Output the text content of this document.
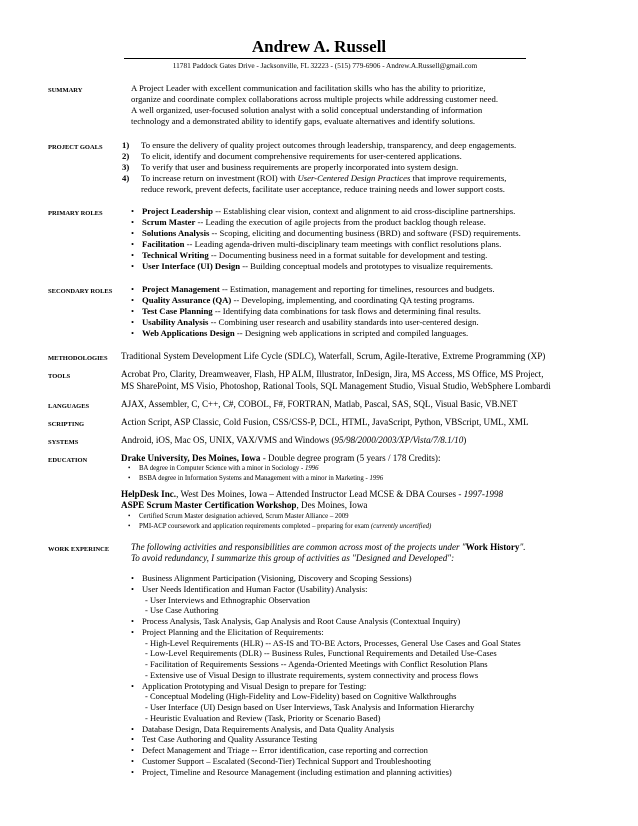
Andrew A. Russell
11781 Paddock Gates Drive - Jacksonville, FL 32223 - (515) 779-6906 - Andrew.A.Russell@gmail.com
SUMMARY
PROJECT GOALS
PRIMARY ROLES
SECONDARY ROLES
METHODOLOGIES
TOOLS
LANGUAGES
SCRIPTING
SYSTEMS
EDUCATION
WORK EXPERINCE
A Project Leader with excellent communication and facilitation skills who has the ability to prioritize,
organize and coordinate complex collaborations across multiple projects while addressing customer need.
A well organized, user-focused solution analyst with a solid conceptual understanding of information
technology and a demonstrated ability to identify gaps, evaluate alternatives and identify solutions.
1) To ensure the delivery of quality project outcomes through leadership, transparency, and deep engagements.
2) To elicit, identify and document comprehensive requirements for user-centered applications.
3) To verify that user and business requirements are properly incorporated into system design.
4) To increase return on investment (ROI) with User-Centered Design Practices that improve requirements,
reduce rework, prevent defects, facilitate user acceptance, reduce training needs and lower support costs.
• Project Leadership -- Establishing clear vision, context and alignment to aid cross-discipline partnerships.
• Scrum Master -- Leading the execution of agile projects from the product backlog though release.
• Solutions Analysis -- Scoping, eliciting and documenting business (BRD) and software (FSD) requirements.
• Facilitation -- Leading agenda-driven multi-disciplinary team meetings with conflict resolutions plans.
• Technical Writing -- Documenting business need in a format suitable for development and testing.
• User Interface (UI) Design -- Building conceptual models and prototypes to visualize requirements.
• Project Management -- Estimation, management and reporting for timelines, resources and budgets.
• Quality Assurance (QA) -- Developing, implementing, and coordinating QA testing programs.
• Test Case Planning -- Identifying data combinations for task flows and determining final results.
• Usability Analysis -- Combining user research and usability standards into user-centered design.
• Web Applications Design -- Designing web applications in scripted and compiled languages.
Traditional System Development Life Cycle (SDLC), Waterfall, Scrum, Agile-Iterative, Extreme Programming (XP)
Acrobat Pro, Clarity, Dreamweaver, Flash, HP ALM, Illustrator, InDesign, Jira, MS Access, MS Office, MS Project,
MS SharePoint, MS Visio, Photoshop, Rational Tools, SQL Management Studio, Visual Studio, WebSphere Lombardi
AJAX, Assembler, C, C++, C#, COBOL, F#, FORTRAN, Matlab, Pascal, SAS, SQL, Visual Basic, VB.NET
Action Script, ASP Classic, Cold Fusion, CSS/CSS-P, DCL, HTML, JavaScript, Python, VBScript, UML, XML
Android, iOS, Mac OS, UNIX, VAX/VMS and Windows (95/98/2000/2003/XP/Vista/7/8.1/10)
Drake University, Des Moines, Iowa - Double degree program (5 years / 178 Credits):
• BA degree in Computer Science with a minor in Sociology - 1996
• BSBA degree in Information Systems and Management with a minor in Marketing - 1996
HelpDesk Inc., West Des Moines, Iowa – Attended Instructor Lead MCSE & DBA Courses - 1997-1998
ASPE Scrum Master Certification Workshop, Des Moines, Iowa
• Certified Scrum Master designation achieved, Scrum Master Alliance – 2009
• PMI-ACP coursework and application requirements completed – preparing for exam (currently uncertified)
The following activities and responsibilities are common across most of the projects under "Work History".
To avoid redundancy, I summarize this group of activities as "Designed and Developed":
• Business Alignment Participation (Visioning, Discovery and Scoping Sessions)
• User Needs Identification and Human Factor (Usability) Analysis:
- User Interviews and Ethnographic Observation
- Use Case Authoring
• Process Analysis, Task Analysis, Gap Analysis and Root Cause Analysis (Contextual Inquiry)
• Project Planning and the Elicitation of Requirements:
- High-Level Requirements (HLR) -- AS-IS and TO-BE Actors, Processes, General Use Cases and Goal States
- Low-Level Requirements (DLR) -- Business Rules, Functional Requirements and Detailed Use-Cases
- Facilitation of Requirements Sessions -- Agenda-Oriented Meetings with Conflict Resolution Plans
- Extensive use of Visual Design to illustrate requirements, system connectivity and process flows
• Application Prototyping and Visual Design to prepare for Testing:
- Conceptual Modeling (High-Fidelity and Low-Fidelity) based on Cognitive Walkthroughs
- User Interface (UI) Design based on User Interviews, Task Analysis and Information Hierarchy
- Heuristic Evaluation and Review (Task, Priority or Scenario Based)
• Database Design, Data Requirements Analysis, and Data Quality Analysis
• Test Case Authoring and Quality Assurance Testing
• Defect Management and Triage -- Error identification, case reporting and correction
• Customer Support – Escalated (Second-Tier) Technical Support and Troubleshooting
• Project, Timeline and Resource Management (including estimation and planning activities)
